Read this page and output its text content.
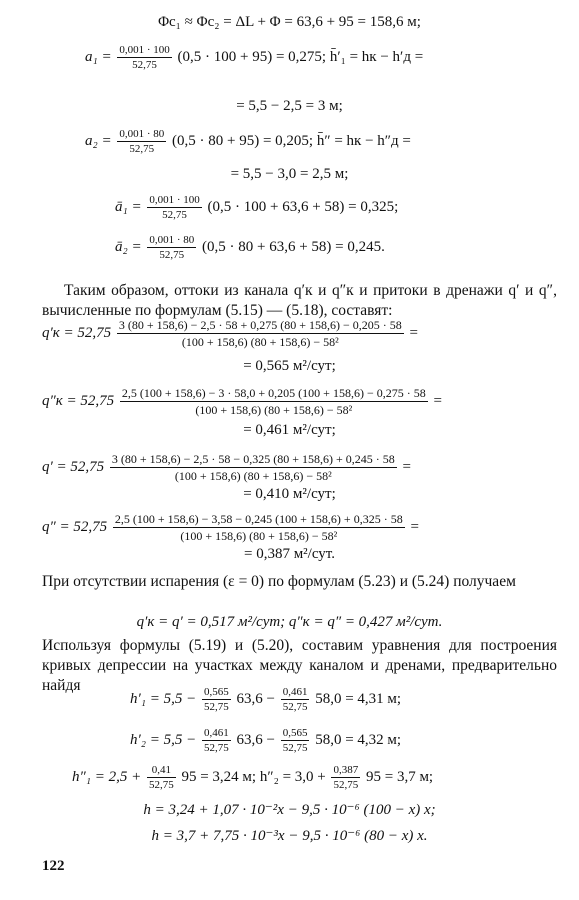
Φc₁ ≈ Φc₂ = ΔL + Φ = 63,6 + 95 = 158,6 м;
$a_1 = \frac{0,001 \cdot 100}{52,75} (0,5 \cdot 100 + 95) = 0,275$; h̄′₁ = hк − h′д =
= 5,5 − 2,5 = 3 м;
$a_2 = \frac{0,001 \cdot 80}{52,75} (0,5 \cdot 80 + 95) = 0,205$; h̄″ = hк − h″д =
= 5,5 − 3,0 = 2,5 м;
ā₁ = $\frac{0,001 \cdot 100}{52,75} (0,5 \cdot 100 + 63,6 + 58) = 0,325$;
ā₂ = $\frac{0,001 \cdot 80}{52,75} (0,5 \cdot 80 + 63,6 + 58) = 0,245$.
Таким образом, оттоки из канала q′к и q″к и притоки в дренажи q′ и q″, вычисленные по формулам (5.15) — (5.18), составят:
$q'к = 52,75 \frac{3 (80 + 158,6) - 2,5 \cdot 58 + 0,275 (80 + 158,6) - 0,205 \cdot 58}{\text{(100 + 158,6) (80 + 158,6) − 58²}}$ =
= 0,565 м²/сут;
q″к = 52,75 2,5 (100 + 158,6) − 3 · 58,0 + 0,205 (100 + 158,6) − 0,275 · 58
(100 + 158,6) (80 + 158,6) − 58²
=
= 0,461 м²/сут;
$q' = 52,75 \frac{3 (80 + 158,6) - 2,5 \cdot 58 - 0,325 (80 + 158,6) + 0,245 \cdot 58}{\text{(100 + 158,6) (80 + 158,6) − 58²}}$ =
= 0,410 м²/сут;
$q'' = 52,75 \frac{2,5 (100 + 158,6) - 3,58 - 0,245 (100 + 158,6) + 0,325 \cdot 58}{\text{(100 + 158,6) (80 + 158,6) − 58²}}$ =
= 0,387 м²/сут.
При отсутствии испарения (ε = 0) по формулам (5.23) и (5.24) получаем
q′к = q′ = 0,517 м²/сут; q″к = q″ = 0,427 м²/сут.
Используя формулы (5.19) и (5.20), составим уравнения для построения кривых депрессии на участках между каналом и дренами, предварительно найдя
$h'_1 = 5,5 - \frac{0,565}{52,75} 63,6 - \frac{0,461}{52,75} 58,0 = 4,31$ м;
$h'_2 = 5,5 - \frac{0,461}{52,75} 63,6 - \frac{0,565}{52,75} 58,0 = 4,32$ м;
$h''_1 = 2,5 + \frac{0,41}{52,75} 95 = 3,24$ м; $h''_2 = 3,0 + \frac{0,387}{52,75} 95 = 3,7$ м;
h = 3,24 + 1,07 · 10⁻²x − 9,5 · 10⁻⁶ (100 − x) x;
h = 3,7 + 7,75 · 10⁻³x − 9,5 · 10⁻⁶ (80 − x) x.
122
